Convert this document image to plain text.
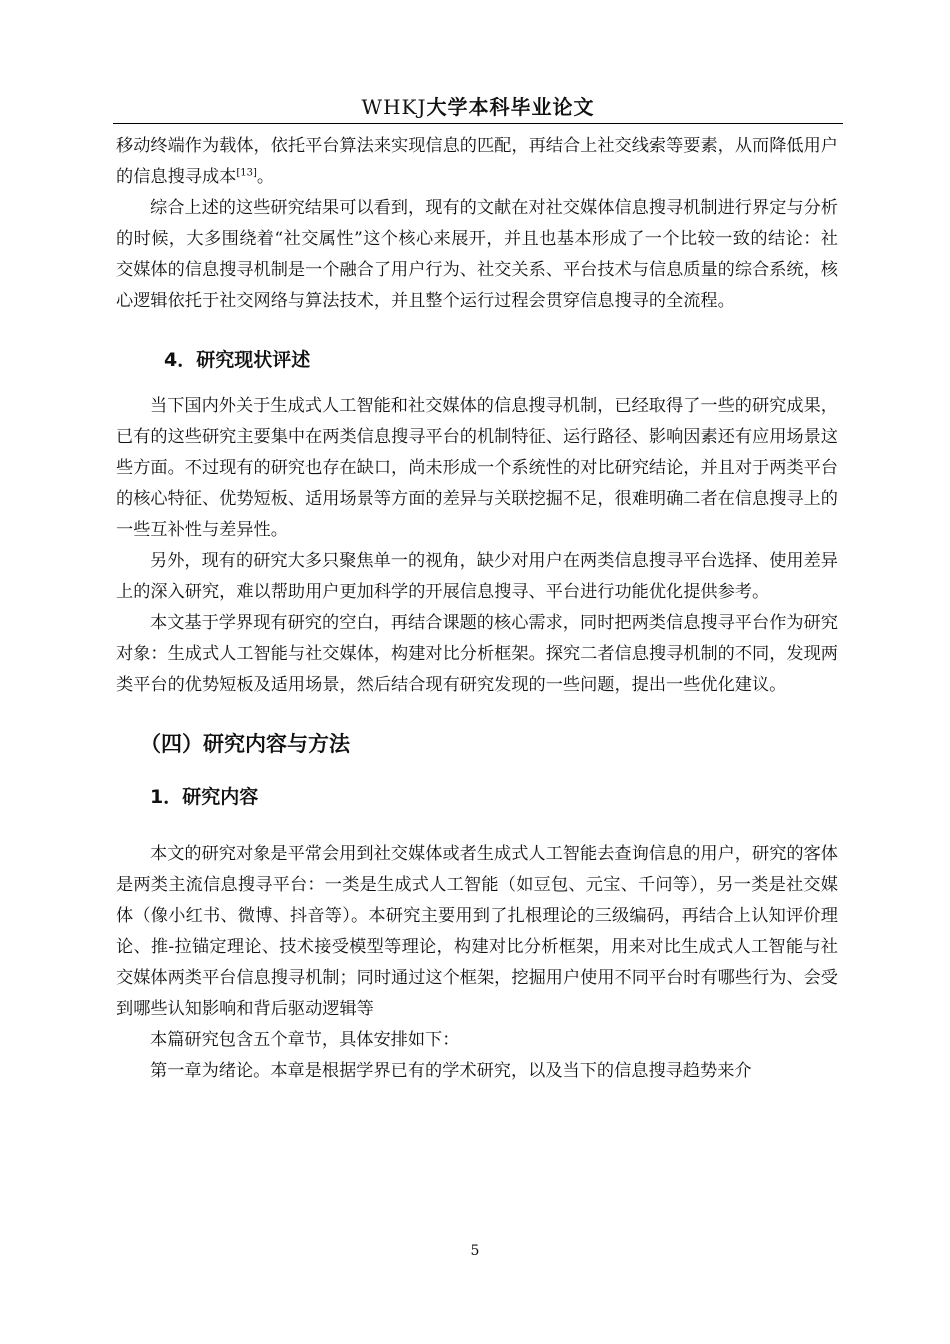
WHKJ大学本科毕业论文

移动终端作为载体，依托平台算法来实现信息的匹配，再结合上社交线索等要素，从而降低用户的信息搜寻成本[13]。

综合上述的这些研究结果可以看到，现有的文献在对社交媒体信息搜寻机制进行界定与分析的时候，大多围绕着“社交属性”这个核心来展开，并且也基本形成了一个比较一致的结论：社交媒体的信息搜寻机制是一个融合了用户行为、社交关系、平台技术与信息质量的综合系统，核心逻辑依托于社交网络与算法技术，并且整个运行过程会贯穿信息搜寻的全流程。

4．研究现状评述

当下国内外关于生成式人工智能和社交媒体的信息搜寻机制，已经取得了一些的研究成果，已有的这些研究主要集中在两类信息搜寻平台的机制特征、运行路径、影响因素还有应用场景这些方面。不过现有的研究也存在缺口，尚未形成一个系统性的对比研究结论，并且对于两类平台的核心特征、优势短板、适用场景等方面的差异与关联挖掘不足，很难明确二者在信息搜寻上的一些互补性与差异性。

另外，现有的研究大多只聚焦单一的视角，缺少对用户在两类信息搜寻平台选择、使用差异上的深入研究，难以帮助用户更加科学的开展信息搜寻、平台进行功能优化提供参考。

本文基于学界现有研究的空白，再结合课题的核心需求，同时把两类信息搜寻平台作为研究对象：生成式人工智能与社交媒体，构建对比分析框架。探究二者信息搜寻机制的不同，发现两类平台的优势短板及适用场景，然后结合现有研究发现的一些问题，提出一些优化建议。

（四）研究内容与方法
1．研究内容

本文的研究对象是平常会用到社交媒体或者生成式人工智能去查询信息的用户，研究的客体是两类主流信息搜寻平台：一类是生成式人工智能（如豆包、元宝、千问等），另一类是社交媒体（像小红书、微博、抖音等）。本研究主要用到了扎根理论的三级编码，再结合上认知评价理论、推-拉锚定理论、技术接受模型等理论，构建对比分析框架，用来对比生成式人工智能与社交媒体两类平台信息搜寻机制；同时通过这个框架，挖掘用户使用不同平台时有哪些行为、会受到哪些认知影响和背后驱动逻辑等

本篇研究包含五个章节，具体安排如下：

第一章为绪论。本章是根据学界已有的学术研究，以及当下的信息搜寻趋势来介

5
